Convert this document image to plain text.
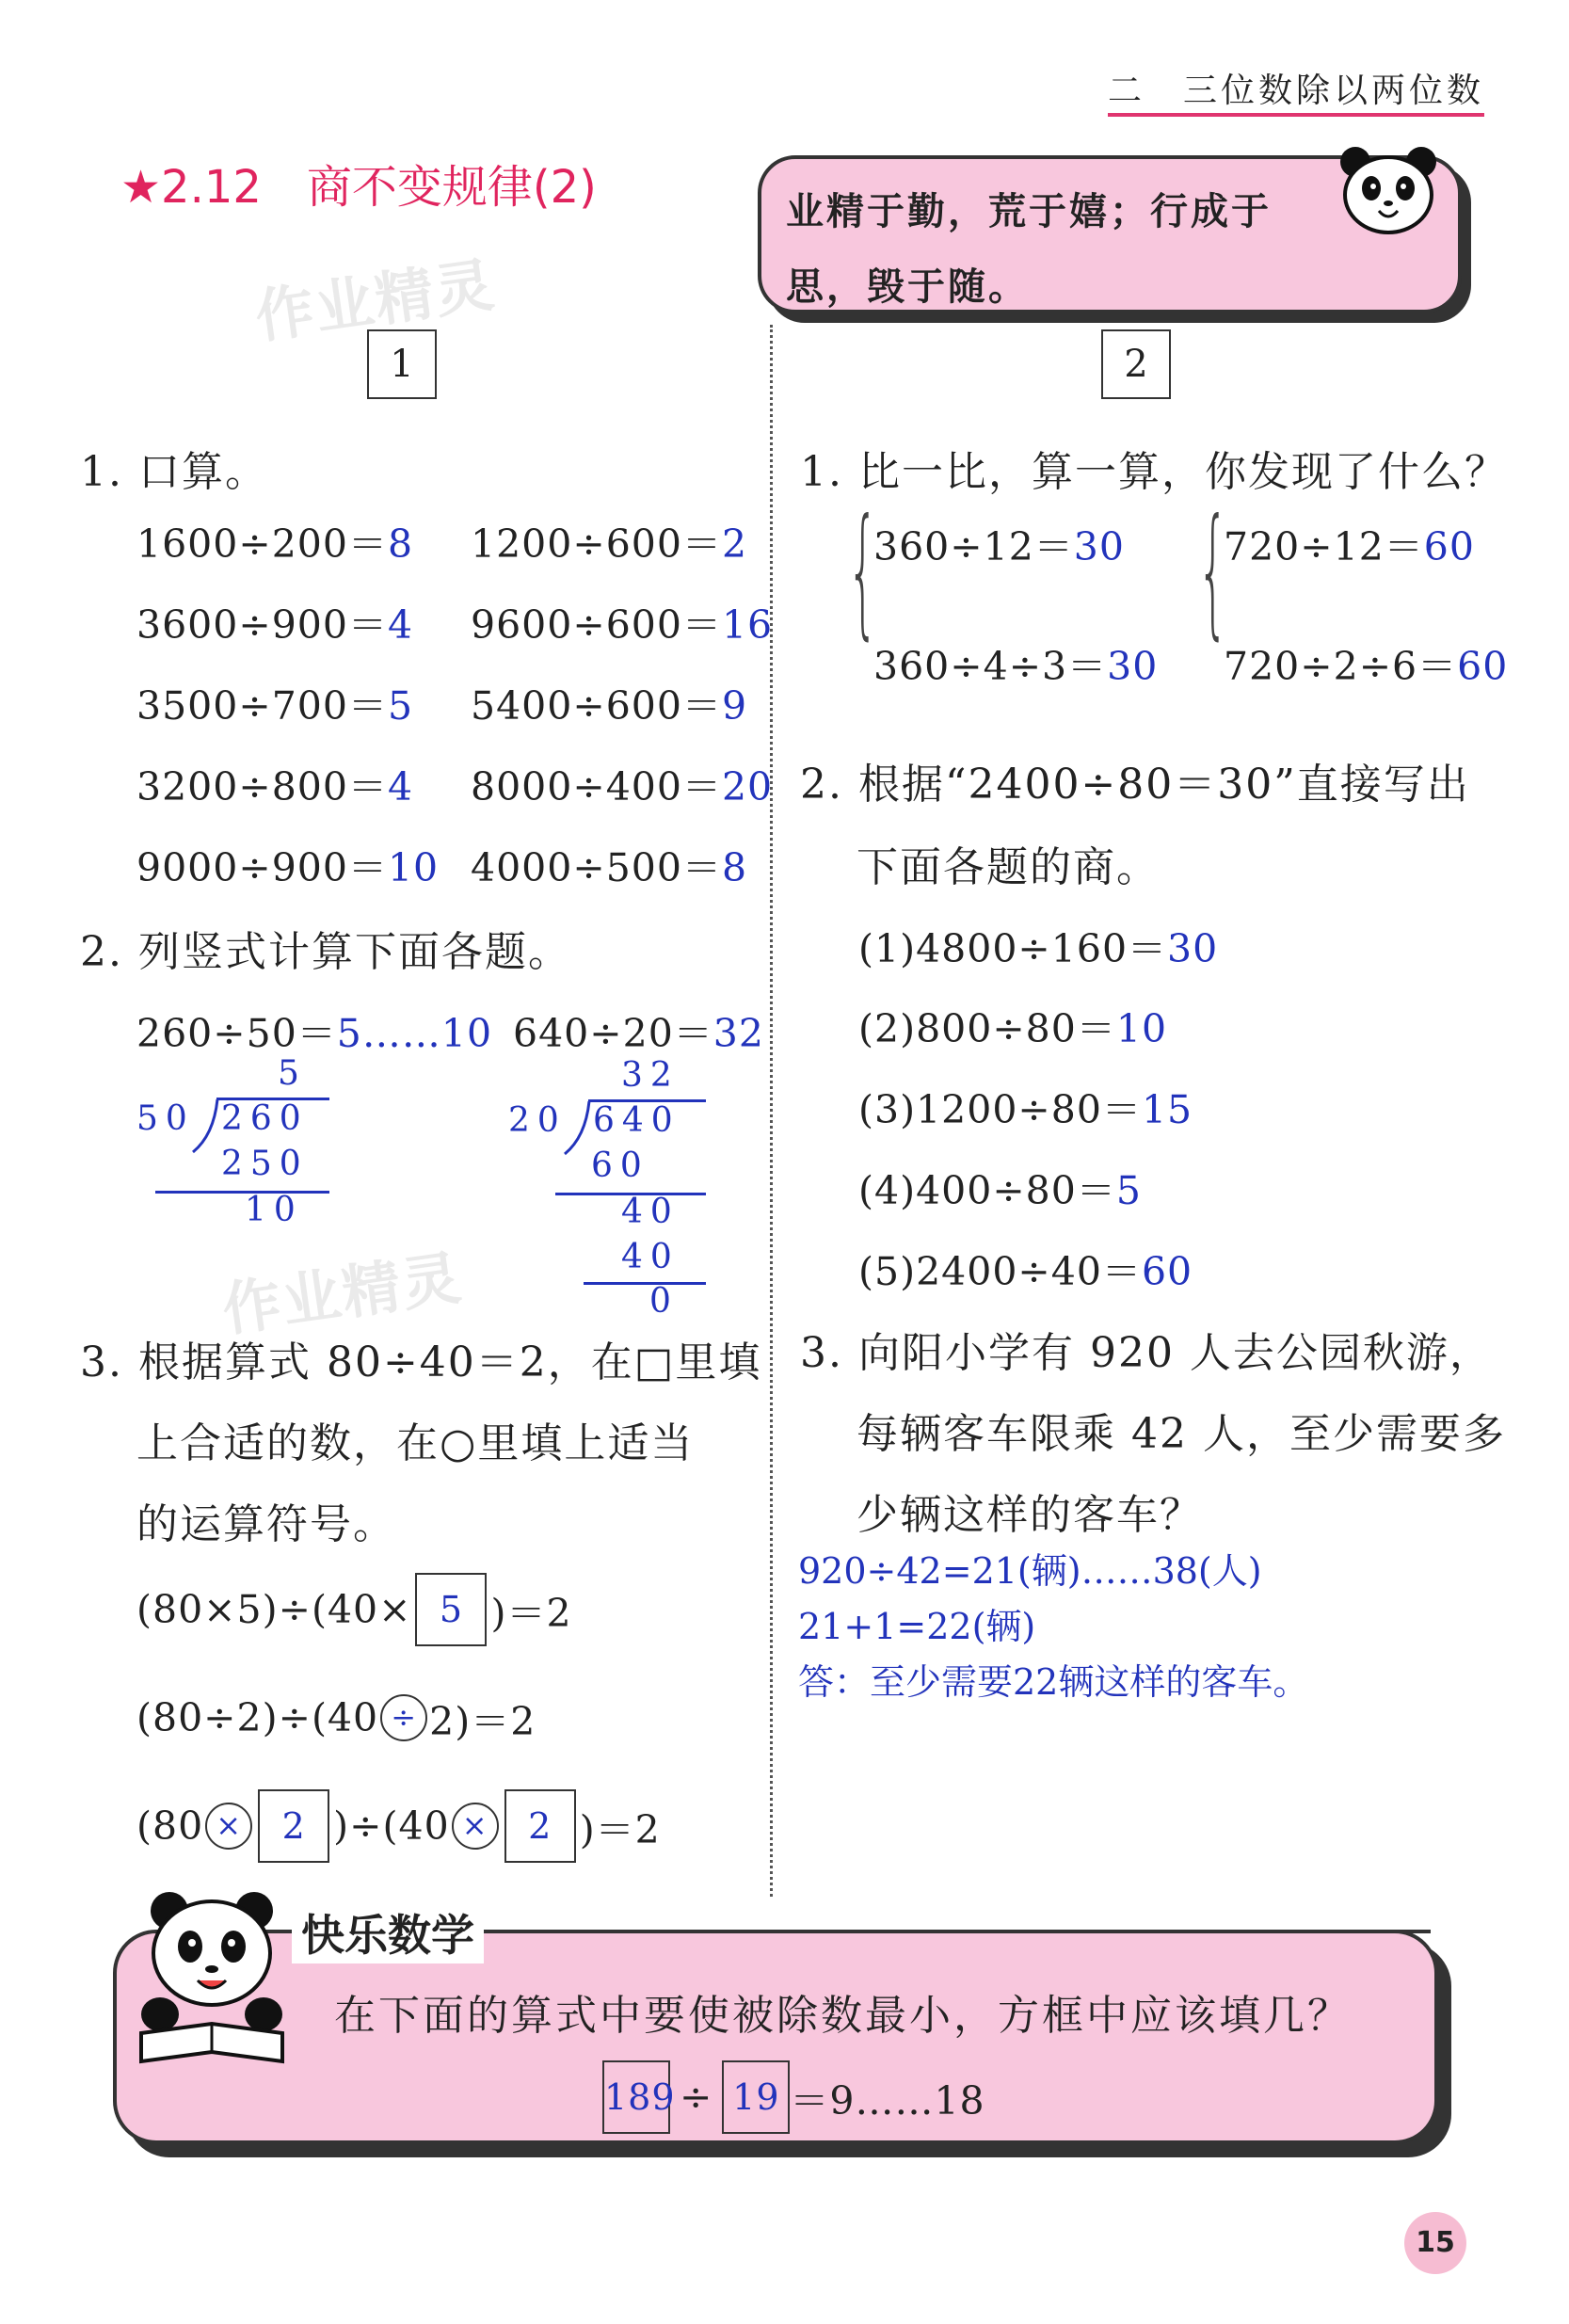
二　三位数除以两位数
★2.12　商不变规律(2)	业精于勤，荒于嬉；行成于思，毁于随。
作业精灵
作业精灵
1
1. 口算。
1600÷200＝8 1200÷600＝2
3600÷900＝4 9600÷600＝16
3500÷700＝5 5400÷600＝9
3200÷800＝4 8000÷400＝20
9000÷900＝10 4000÷500＝8
2. 列竖式计算下面各题。
260÷50＝5……10 640÷20＝32
5
50 260
250
10
32
20 640
60
40
40
0
3. 根据算式 80÷40＝2，在□里填
上合适的数，在○里填上适当
的运算符号。
(80×5)÷(40× 5 )＝2
(80÷2)÷(40 ÷ 2)＝2
(80 ×	2 )÷(40 ×	2 )＝2
2
1. 比一比，算一算，你发现了什么？
{
360÷12＝30
360÷4÷3＝30
{
720÷12＝60
720÷2÷6＝60
2. 根据“2400÷80＝30”直接写出
下面各题的商。
(1)4800÷160＝30
(2)800÷80＝10
(3)1200÷80＝15
(4)400÷80＝5
(5)2400÷40＝60
3. 向阳小学有 920 人去公园秋游，
每辆客车限乘 42 人，至少需要多
少辆这样的客车？
920÷42=21(辆)……38(人)
21+1=22(辆)
答：至少需要22辆这样的客车。
快乐数学
在下面的算式中要使被除数最小，方框中应该填几？
189 ÷ 19 ＝9……18
15
